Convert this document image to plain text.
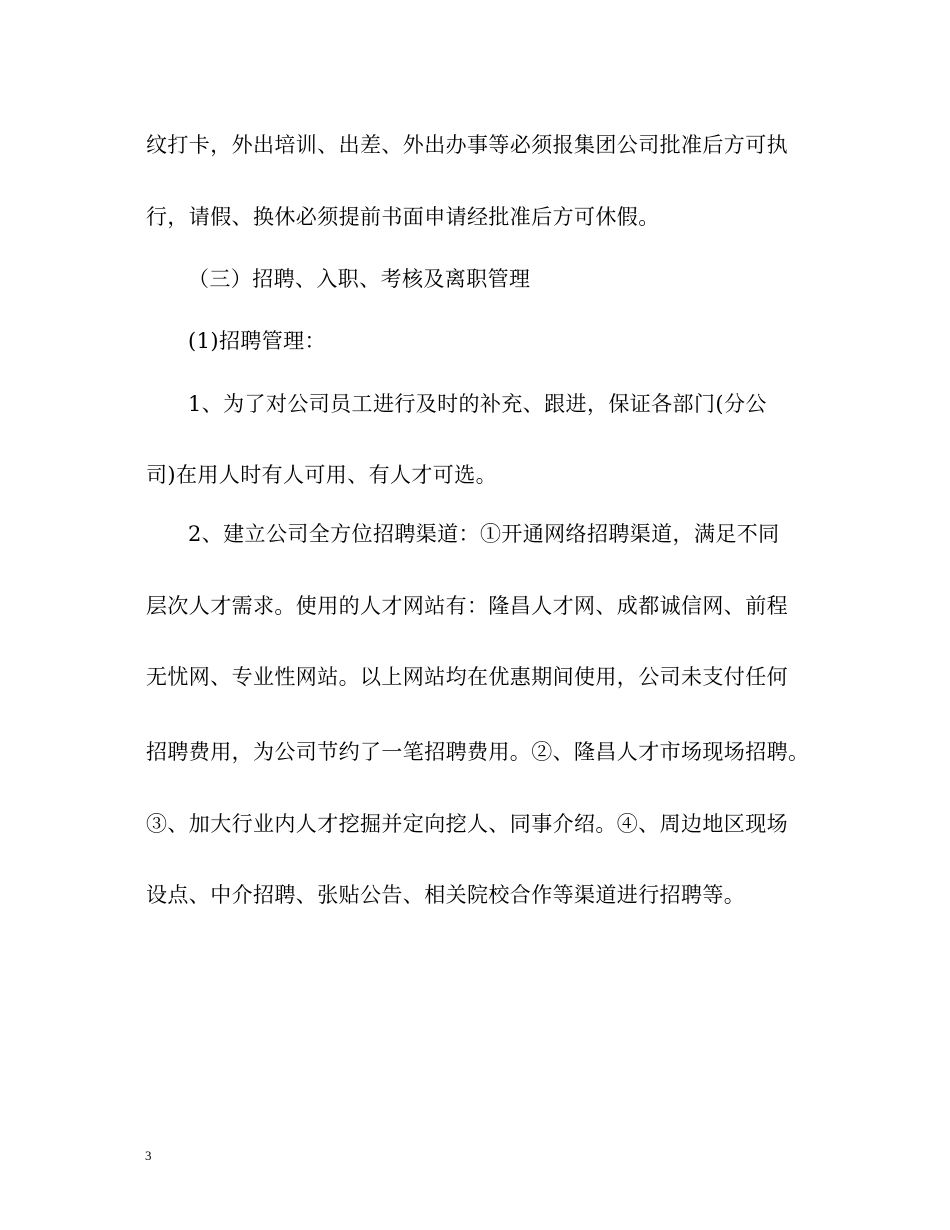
纹打卡，外出培训、出差、外出办事等必须报集团公司批准后方可执
行，请假、换休必须提前书面申请经批准后方可休假。
（三）招聘、入职、考核及离职管理
(1)招聘管理：
1、为了对公司员工进行及时的补充、跟进，保证各部门(分公
司)在用人时有人可用、有人才可选。
2、建立公司全方位招聘渠道：①开通网络招聘渠道，满足不同
层次人才需求。使用的人才网站有：隆昌人才网、成都诚信网、前程
无忧网、专业性网站。以上网站均在优惠期间使用，公司未支付任何
招聘费用，为公司节约了一笔招聘费用。②、隆昌人才市场现场招聘。
③、加大行业内人才挖掘并定向挖人、同事介绍。④、周边地区现场
设点、中介招聘、张贴公告、相关院校合作等渠道进行招聘等。
3
